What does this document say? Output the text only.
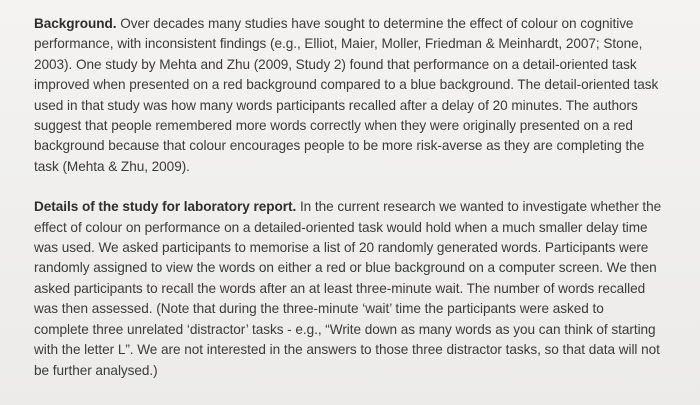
Background. Over decades many studies have sought to determine the effect of colour on cognitive performance, with inconsistent findings (e.g., Elliot, Maier, Moller, Friedman & Meinhardt, 2007; Stone, 2003). One study by Mehta and Zhu (2009, Study 2) found that performance on a detail-oriented task improved when presented on a red background compared to a blue background. The detail-oriented task used in that study was how many words participants recalled after a delay of 20 minutes. The authors suggest that people remembered more words correctly when they were originally presented on a red background because that colour encourages people to be more risk-averse as they are completing the task (Mehta & Zhu, 2009).

Details of the study for laboratory report. In the current research we wanted to investigate whether the effect of colour on performance on a detailed-oriented task would hold when a much smaller delay time was used. We asked participants to memorise a list of 20 randomly generated words. Participants were randomly assigned to view the words on either a red or blue background on a computer screen. We then asked participants to recall the words after an at least three-minute wait. The number of words recalled was then assessed. (Note that during the three-minute ‘wait’ time the participants were asked to complete three unrelated ‘distractor’ tasks - e.g., “Write down as many words as you can think of starting with the letter L”. We are not interested in the answers to those three distractor tasks, so that data will not be further analysed.)
